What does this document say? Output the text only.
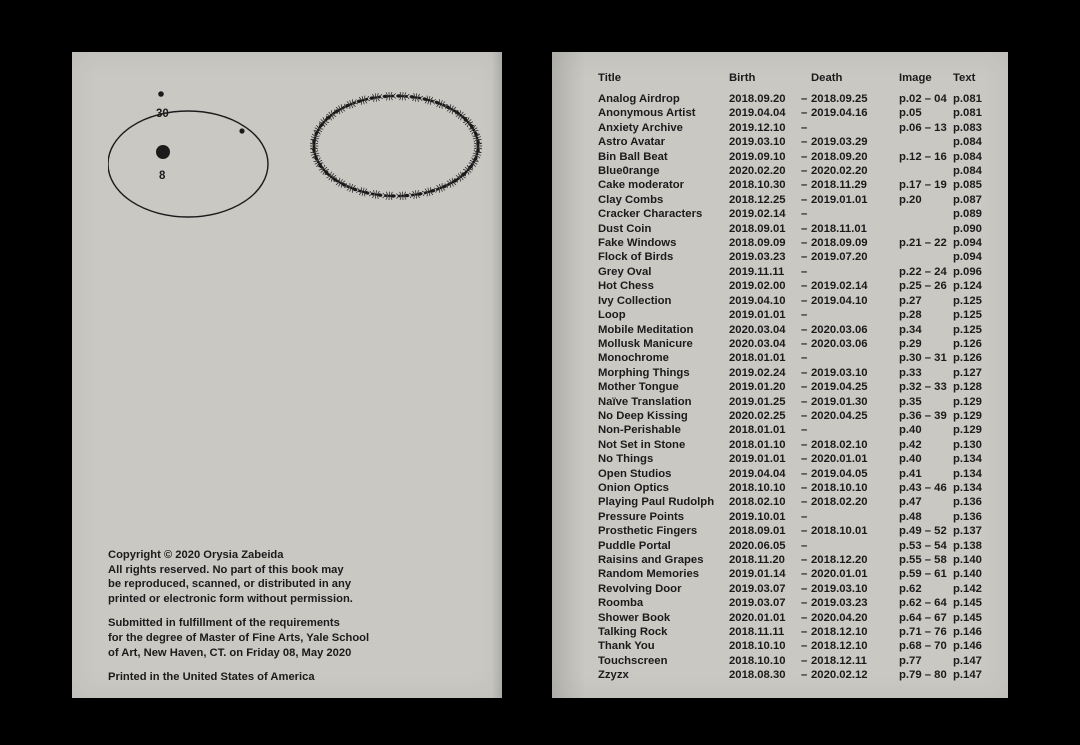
30
8

Copyright © 2020 Orysia Zabeida
All rights reserved. No part of this book may
be reproduced, scanned, or distributed in any
printed or electronic form without permission.

Submitted in fulfillment of the requirements
for the degree of Master of Fine Arts, Yale School
of Art, New Haven, CT. on Friday 08, May 2020

Printed in the United States of America

Title	Birth		Death	Image	Text
Analog Airdrop	2018.09.20	–	2018.09.25	p.02 – 04	p.081
Anonymous Artist	2019.04.04	–	2019.04.16	p.05	p.081
Anxiety Archive	2019.12.10	–		p.06 – 13	p.083
Astro Avatar	2019.03.10	–	2019.03.29		p.084
Bin Ball Beat	2019.09.10	–	2018.09.20	p.12 – 16	p.084
Blue0range	2020.02.20	–	2020.02.20		p.084
Cake moderator	2018.10.30	–	2018.11.29	p.17 – 19	p.085
Clay Combs	2018.12.25	–	2019.01.01	p.20	p.087
Cracker Characters	2019.02.14	–			p.089
Dust Coin	2018.09.01	–	2018.11.01		p.090
Fake Windows	2018.09.09	–	2018.09.09	p.21 – 22	p.094
Flock of Birds	2019.03.23	–	2019.07.20		p.094
Grey Oval	2019.11.11	–		p.22 – 24	p.096
Hot Chess	2019.02.00	–	2019.02.14	p.25 – 26	p.124
Ivy Collection	2019.04.10	–	2019.04.10	p.27	p.125
Loop	2019.01.01	–		p.28	p.125
Mobile Meditation	2020.03.04	–	2020.03.06	p.34	p.125
Mollusk Manicure	2020.03.04	–	2020.03.06	p.29	p.126
Monochrome	2018.01.01	–		p.30 – 31	p.126
Morphing Things	2019.02.24	–	2019.03.10	p.33	p.127
Mother Tongue	2019.01.20	–	2019.04.25	p.32 – 33	p.128
Naïve Translation	2019.01.25	–	2019.01.30	p.35	p.129
No Deep Kissing	2020.02.25	–	2020.04.25	p.36 – 39	p.129
Non-Perishable	2018.01.01	–		p.40	p.129
Not Set in Stone	2018.01.10	–	2018.02.10	p.42	p.130
No Things	2019.01.01	–	2020.01.01	p.40	p.134
Open Studios	2019.04.04	–	2019.04.05	p.41	p.134
Onion Optics	2018.10.10	–	2018.10.10	p.43 – 46	p.134
Playing Paul Rudolph	2018.02.10	–	2018.02.20	p.47	p.136
Pressure Points	2019.10.01	–		p.48	p.136
Prosthetic Fingers	2018.09.01	–	2018.10.01	p.49 – 52	p.137
Puddle Portal	2020.06.05	–		p.53 – 54	p.138
Raisins and Grapes	2018.11.20	–	2018.12.20	p.55 – 58	p.140
Random Memories	2019.01.14	–	2020.01.01	p.59 – 61	p.140
Revolving Door	2019.03.07	–	2019.03.10	p.62	p.142
Roomba	2019.03.07	–	2019.03.23	p.62 – 64	p.145
Shower Book	2020.01.01	–	2020.04.20	p.64 – 67	p.145
Talking Rock	2018.11.11	–	2018.12.10	p.71 – 76	p.146
Thank You	2018.10.10	–	2018.12.10	p.68 – 70	p.146
Touchscreen	2018.10.10	–	2018.12.11	p.77	p.147
Zzyzx	2018.08.30	–	2020.02.12	p.79 – 80	p.147
